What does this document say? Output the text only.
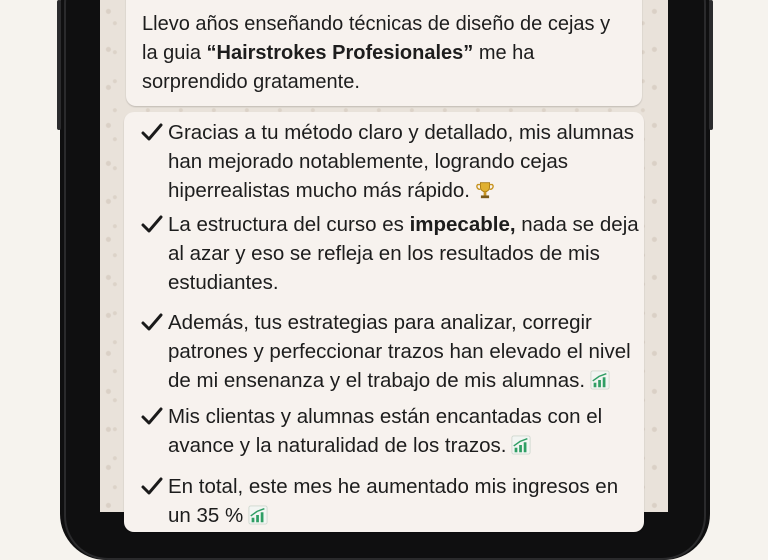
Llevo años enseñando técnicas de diseño de cejas y
la guia “Hairstrokes Profesionales” me ha
sorprendido gratamente.
Gracias a tu método claro y detallado, mis alumnas
han mejorado notablemente, logrando cejas
hiperrealistas mucho más rápido.
La estructura del curso es impecable, nada se deja
al azar y eso se refleja en los resultados de mis
estudiantes.
Además, tus estrategias para analizar, corregir
patrones y perfeccionar trazos han elevado el nivel
de mi ensenanza y el trabajo de mis alumnas.
Mis clientas y alumnas están encantadas con el
avance y la naturalidad de los trazos.
En total, este mes he aumentado mis ingresos en
un 35 %
